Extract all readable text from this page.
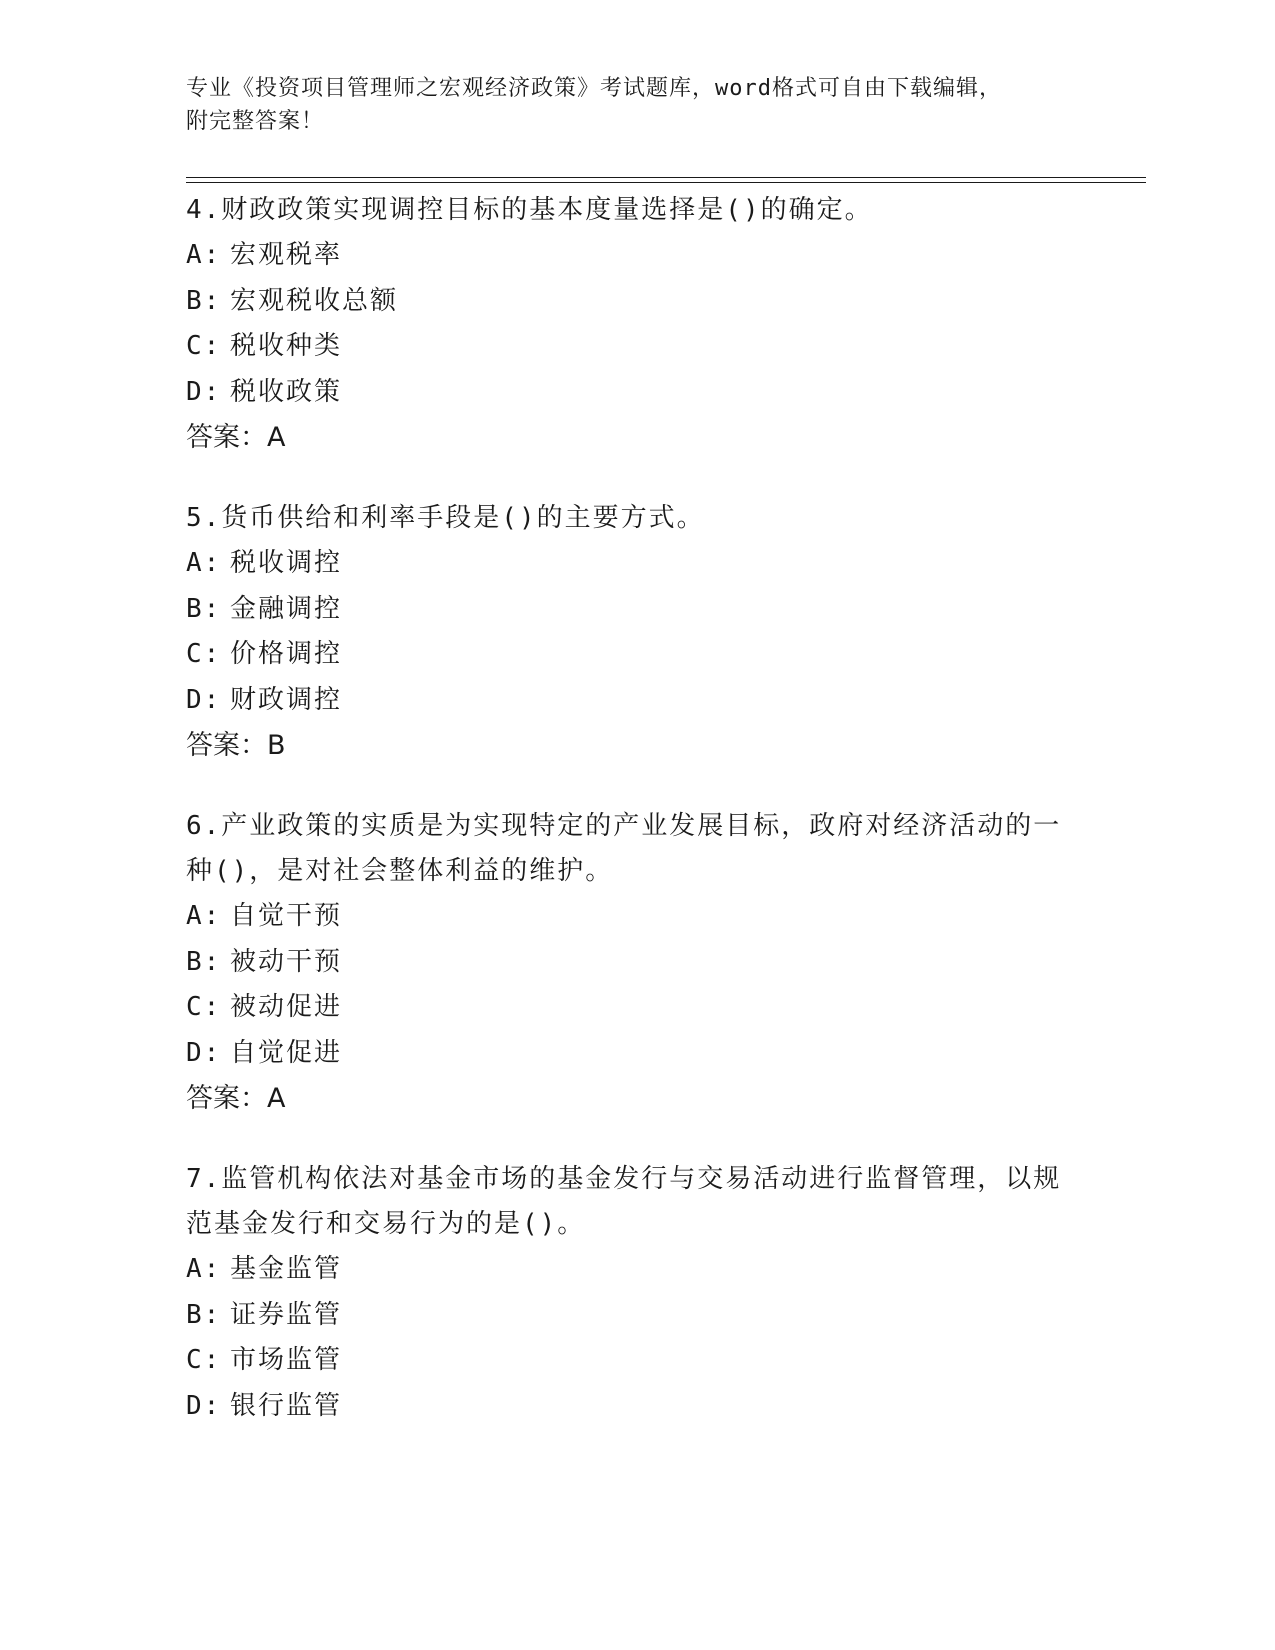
专业《投资项目管理师之宏观经济政策》考试题库，word格式可自由下载编辑，
附完整答案！
4.财政政策实现调控目标的基本度量选择是()的确定。
A: 宏观税率
B: 宏观税收总额
C: 税收种类
D: 税收政策
答案：A
5.货币供给和利率手段是()的主要方式。
A: 税收调控
B: 金融调控
C: 价格调控
D: 财政调控
答案：B
6.产业政策的实质是为实现特定的产业发展目标，政府对经济活动的一种()，是对社会整体利益的维护。
A: 自觉干预
B: 被动干预
C: 被动促进
D: 自觉促进
答案：A
7.监管机构依法对基金市场的基金发行与交易活动进行监督管理，以规范基金发行和交易行为的是()。
A: 基金监管
B: 证券监管
C: 市场监管
D: 银行监管
